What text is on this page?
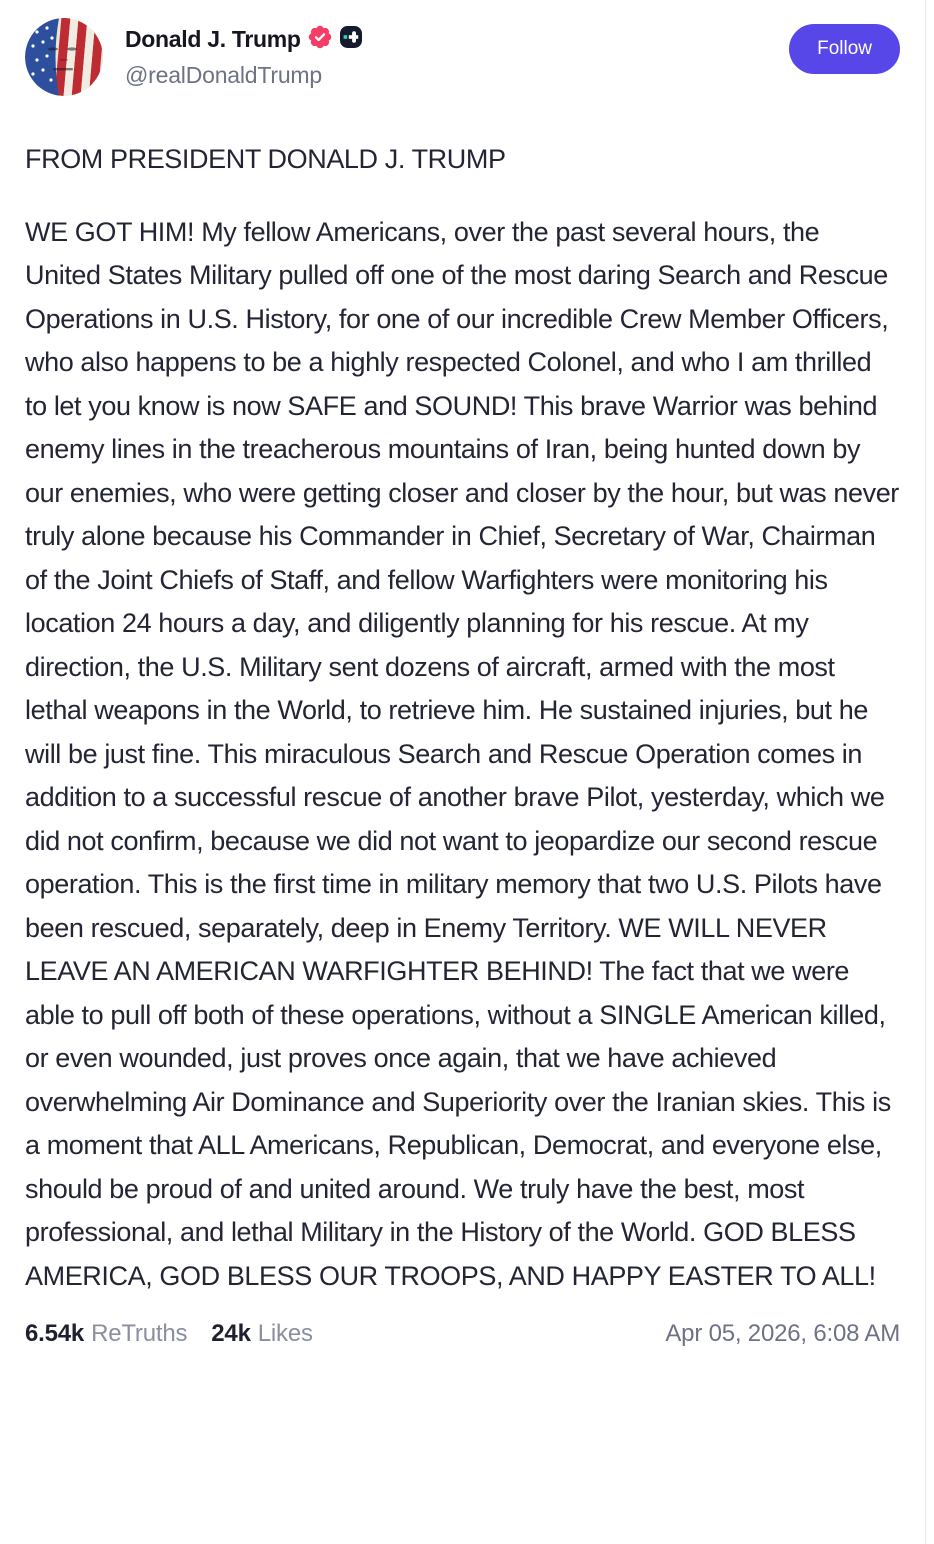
Donald J. Trump
@realDonaldTrump
Follow

FROM PRESIDENT DONALD J. TRUMP

WE GOT HIM! My fellow Americans, over the past several hours, the United States Military pulled off one of the most daring Search and Rescue Operations in U.S. History, for one of our incredible Crew Member Officers, who also happens to be a highly respected Colonel, and who I am thrilled to let you know is now SAFE and SOUND! This brave Warrior was behind enemy lines in the treacherous mountains of Iran, being hunted down by our enemies, who were getting closer and closer by the hour, but was never truly alone because his Commander in Chief, Secretary of War, Chairman of the Joint Chiefs of Staff, and fellow Warfighters were monitoring his location 24 hours a day, and diligently planning for his rescue. At my direction, the U.S. Military sent dozens of aircraft, armed with the most lethal weapons in the World, to retrieve him. He sustained injuries, but he will be just fine. This miraculous Search and Rescue Operation comes in addition to a successful rescue of another brave Pilot, yesterday, which we did not confirm, because we did not want to jeopardize our second rescue operation. This is the first time in military memory that two U.S. Pilots have been rescued, separately, deep in Enemy Territory. WE WILL NEVER LEAVE AN AMERICAN WARFIGHTER BEHIND! The fact that we were able to pull off both of these operations, without a SINGLE American killed, or even wounded, just proves once again, that we have achieved overwhelming Air Dominance and Superiority over the Iranian skies. This is a moment that ALL Americans, Republican, Democrat, and everyone else, should be proud of and united around. We truly have the best, most professional, and lethal Military in the History of the World. GOD BLESS AMERICA, GOD BLESS OUR TROOPS, AND HAPPY EASTER TO ALL!

6.54k ReTruths 24k Likes	Apr 05, 2026, 6:08 AM
